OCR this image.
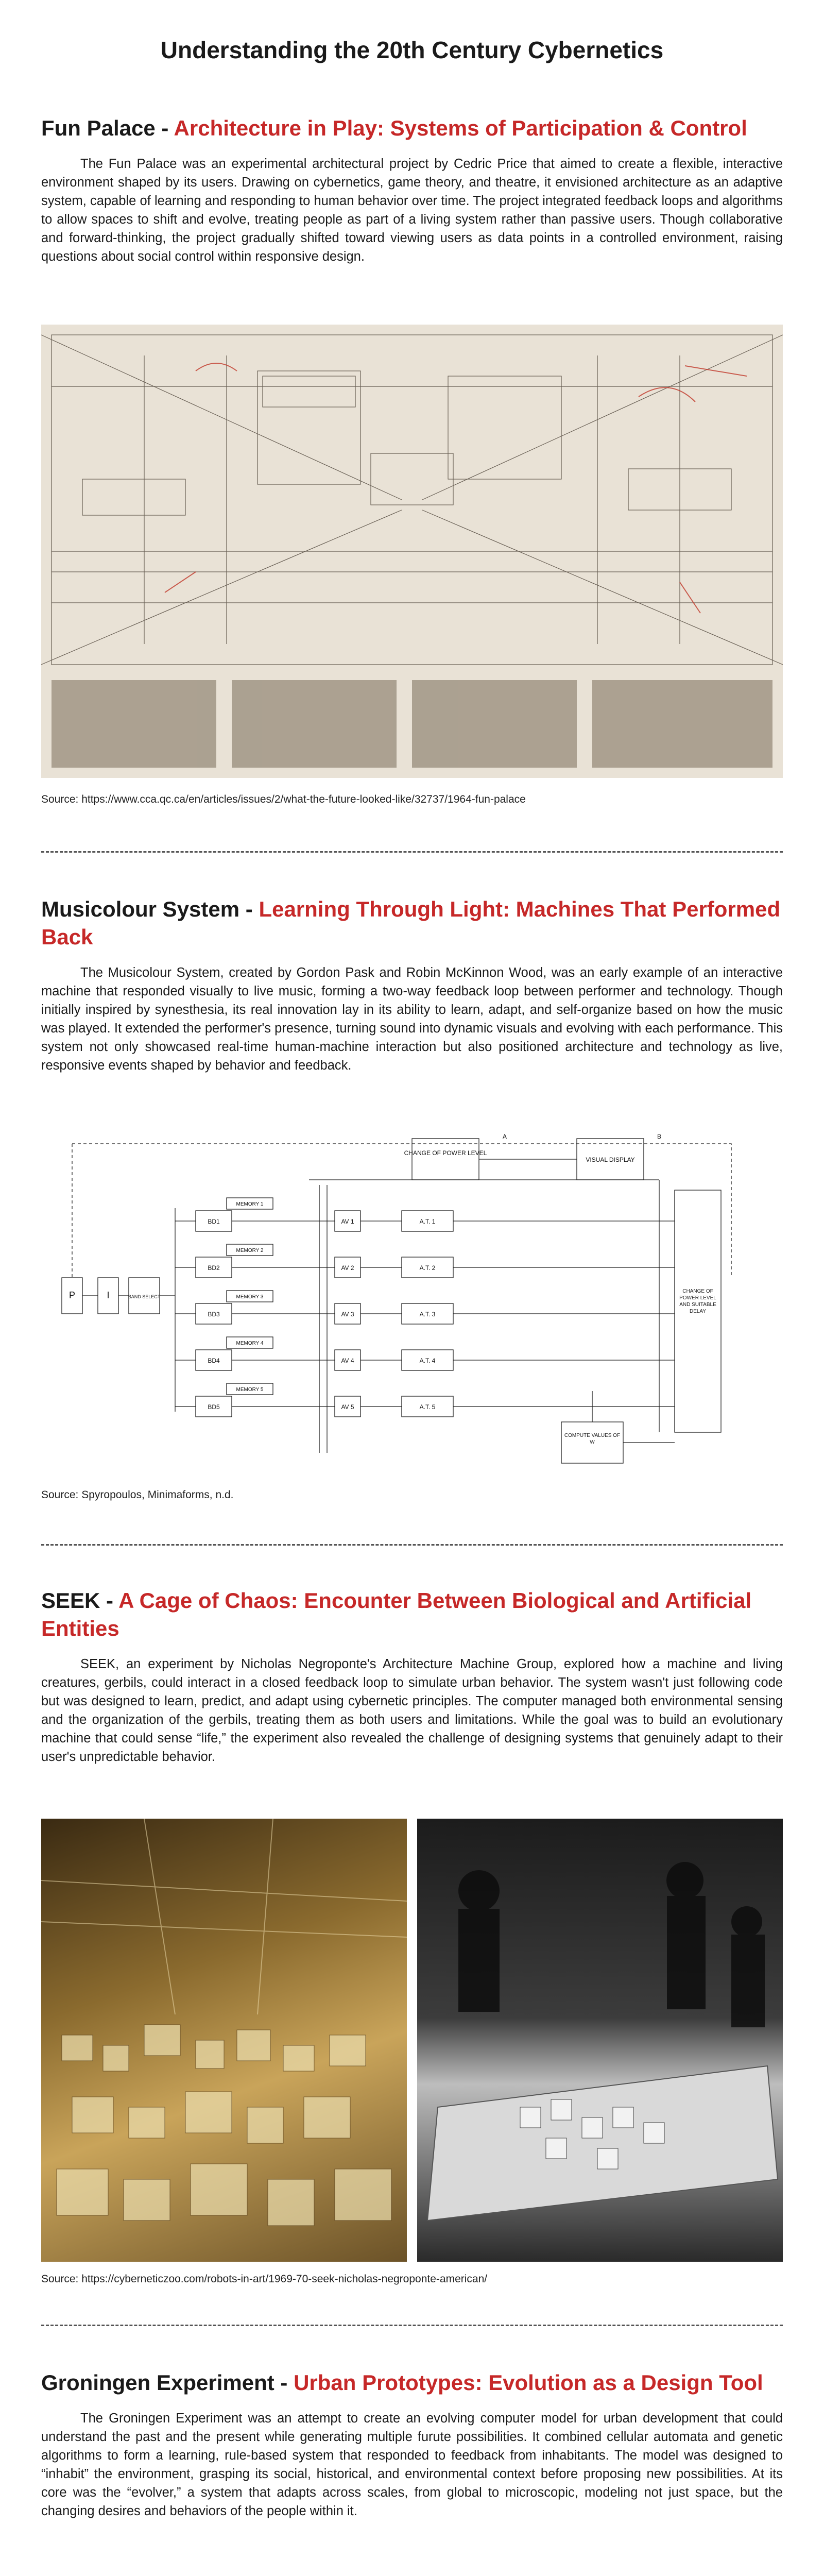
Understanding the 20th Century Cybernetics
Fun Palace - Architecture in Play: Systems of Participation & Control

The Fun Palace was an experimental architectural project by Cedric Price that aimed to create a flexible, interactive environment shaped by its users. Drawing on cybernetics, game theory, and theatre, it envisioned architecture as an adaptive system, capable of learning and responding to human behavior over time. The project integrated feedback loops and algorithms to allow spaces to shift and evolve, treating people as part of a living system rather than passive users. Though collaborative and forward-thinking, the project gradually shifted toward viewing users as data points in a controlled environment, raising questions about social control within responsive design.

Source: https://www.cca.qc.ca/en/articles/issues/2/what-the-future-looked-like/32737/1964-fun-palace
Musicolour System - Learning Through Light: Machines That Performed Back

The Musicolour System, created by Gordon Pask and Robin McKinnon Wood, was an early example of an interactive machine that responded visually to live music, forming a two-way feedback loop between performer and technology. Though initially inspired by synesthesia, its real innovation lay in its ability to learn, adapt, and self-organize based on how the music was played. It extended the performer's presence, turning sound into dynamic visuals and evolving with each performance. This system not only showcased real-time human-machine interaction but also positioned architecture and technology as live, responsive events shaped by behavior and feedback.

CHANGE OF POWER LEVEL
VISUAL DISPLAY
A	B
P	I	BAND SELECT
MEMORY 1
MEMORY 2
MEMORY 3
MEMORY 4
MEMORY 5
BD1
BD2
BD3
BD4
BD5
AV 1
AV 2
AV 3
AV 4
AV 5
A.T. 1
A.T. 2
A.T. 3
A.T. 4
A.T. 5
CHANGE OF POWER LEVEL AND SUITABLE DELAY
COMPUTE VALUES OF W
Source: Spyropoulos, Minimaforms, n.d.
SEEK - A Cage of Chaos: Encounter Between Biological and Artificial Entities

SEEK, an experiment by Nicholas Negroponte's Architecture Machine Group, explored how a machine and living creatures, gerbils, could interact in a closed feedback loop to simulate urban behavior. The system wasn't just following code but was designed to learn, predict, and adapt using cybernetic principles. The computer managed both environmental sensing and the organization of the gerbils, treating them as both users and limitations. While the goal was to build an evolutionary machine that could sense “life,” the experiment also revealed the challenge of designing systems that genuinely adapt to their user's unpredictable behavior.

Source: https://cyberneticzoo.com/robots-in-art/1969-70-seek-nicholas-negroponte-american/
Groningen Experiment - Urban Prototypes: Evolution as a Design Tool

The Groningen Experiment was an attempt to create an evolving computer model for urban development that could understand the past and the present while generating multiple furute possibilities. It combined cellular automata and genetic algorithms to form a learning, rule-based system that responded to feedback from inhabitants. The model was designed to “inhabit” the environment, grasping its social, historical, and environmental context before proposing new possibilities. At its core was the “evolver,” a system that adapts across scales, from global to microscopic, modeling not just space, but the changing desires and behaviors of the people within it.
